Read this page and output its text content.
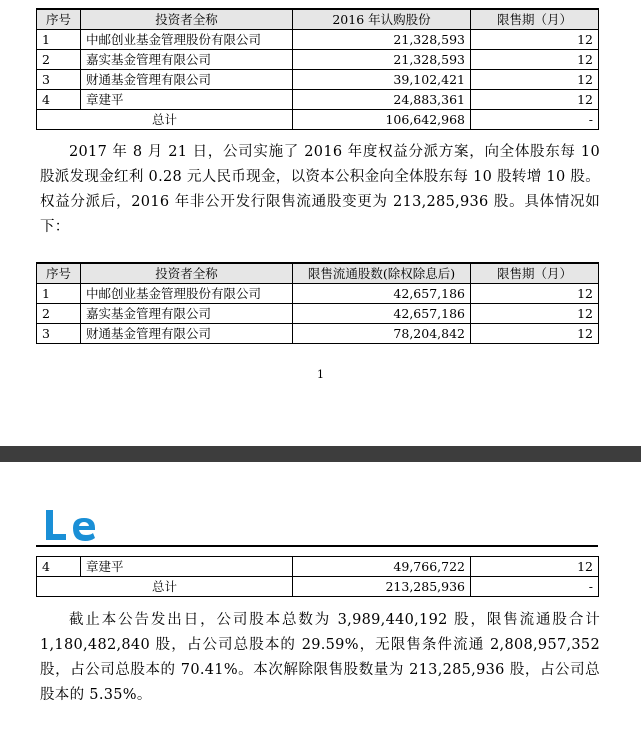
序号	投资者全称	2016 年认购股份	限售期（月）
1	中邮创业基金管理股份有限公司	21,328,593	12
2	嘉实基金管理有限公司	21,328,593	12
3	财通基金管理有限公司	39,102,421	12
4	章建平	24,883,361	12
总计		106,642,968	-
2017 年 8 月 21 日，公司实施了 2016 年度权益分派方案，向全体股东每 10 股派发现金红利 0.28 元人民币现金，以资本公积金向全体股东每 10 股转增 10 股。权益分派后，2016 年非公开发行限售流通股变更为 213,285,936 股。具体情况如下：
序号	投资者全称	限售流通股数(除权除息后)	限售期（月）
1	中邮创业基金管理股份有限公司	42,657,186	12
2	嘉实基金管理有限公司	42,657,186	12
3	财通基金管理有限公司	78,204,842	12
1
4	章建平	49,766,722	12
总计		213,285,936	-
截止本公告发出日，公司股本总数为 3,989,440,192 股，限售流通股合计 1,180,482,840 股，占公司总股本的 29.59%，无限售条件流通 2,808,957,352 股，占公司总股本的 70.41%。本次解除限售股数量为 213,285,936 股，占公司总股本的 5.35%。
